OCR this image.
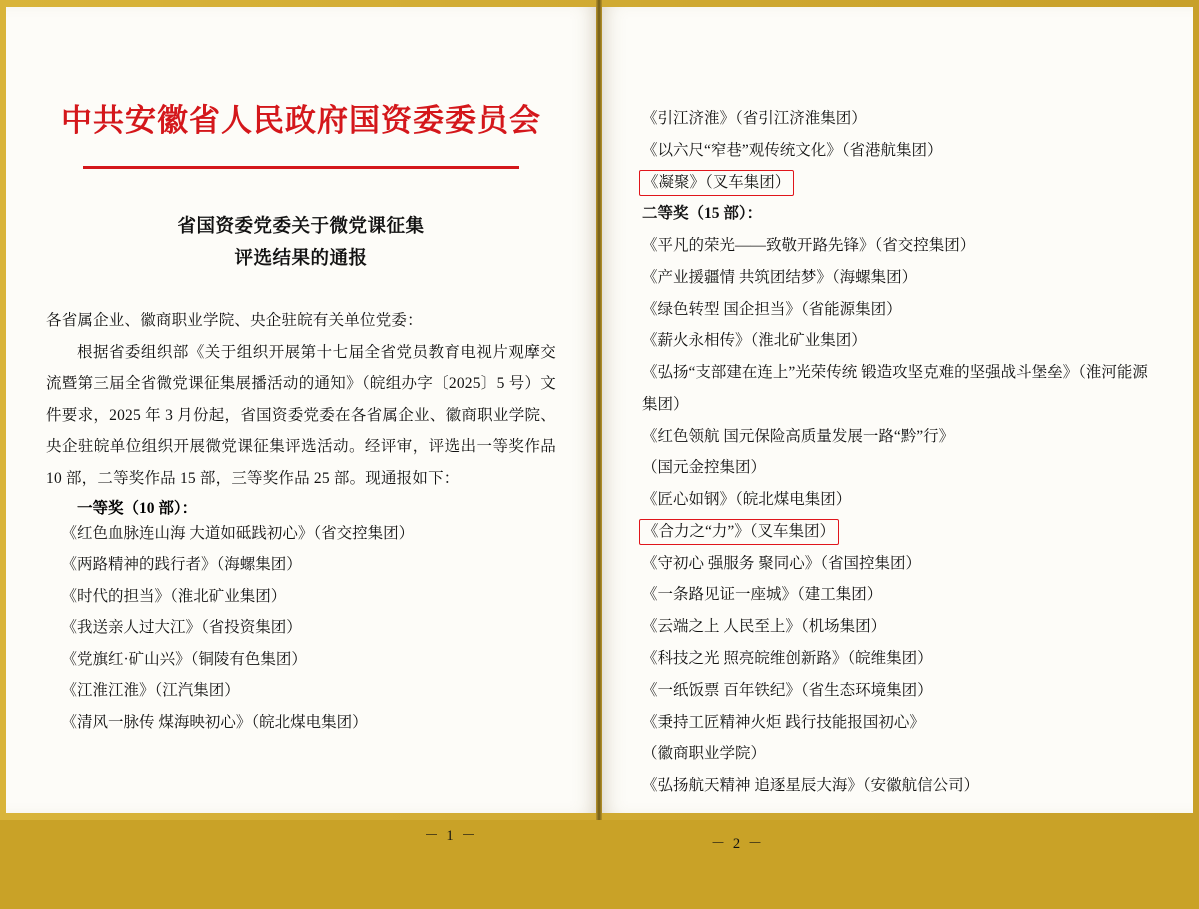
中共安徽省人民政府国资委委员会
省国资委党委关于微党课征集
评选结果的通报

各省属企业、徽商职业学院、央企驻皖有关单位党委：

根据省委组织部《关于组织开展第十七届全省党员教育电视片观摩交流暨第三届全省微党课征集展播活动的通知》（皖组办字〔2025〕5 号）文件要求，2025 年 3 月份起，省国资委党委在各省属企业、徽商职业学院、央企驻皖单位组织开展微党课征集评选活动。经评审，评选出一等奖作品 10 部，二等奖作品 15 部，三等奖作品 25 部。现通报如下：

一等奖（10 部）：
《红色血脉连山海 大道如砥践初心》（省交控集团）
《两路精神的践行者》（海螺集团）
《时代的担当》（淮北矿业集团）
《我送亲人过大江》（省投资集团）
《党旗红·矿山兴》（铜陵有色集团）
《江淮江淮》（江汽集团）
《清风一脉传 煤海映初心》（皖北煤电集团）
－ 1 －
《引江济淮》（省引江济淮集团）
《以六尺“窄巷”观传统文化》（省港航集团）
《凝聚》（叉车集团）
二等奖（15 部）：
《平凡的荣光——致敬开路先锋》（省交控集团）
《产业援疆情 共筑团结梦》（海螺集团）
《绿色转型 国企担当》（省能源集团）
《薪火永相传》（淮北矿业集团）
《弘扬“支部建在连上”光荣传统 锻造攻坚克难的坚强战斗堡垒》（淮河能源集团）
《红色领航 国元保险高质量发展一路“黔”行》
（国元金控集团）
《匠心如钢》（皖北煤电集团）
《合力之“力”》（叉车集团）
《守初心 强服务 聚同心》（省国控集团）
《一条路见证一座城》（建工集团）
《云端之上 人民至上》（机场集团）
《科技之光 照亮皖维创新路》（皖维集团）
《一纸饭票 百年铁纪》（省生态环境集团）
《秉持工匠精神火炬 践行技能报国初心》
（徽商职业学院）
《弘扬航天精神 追逐星辰大海》（安徽航信公司）
－ 2 －
